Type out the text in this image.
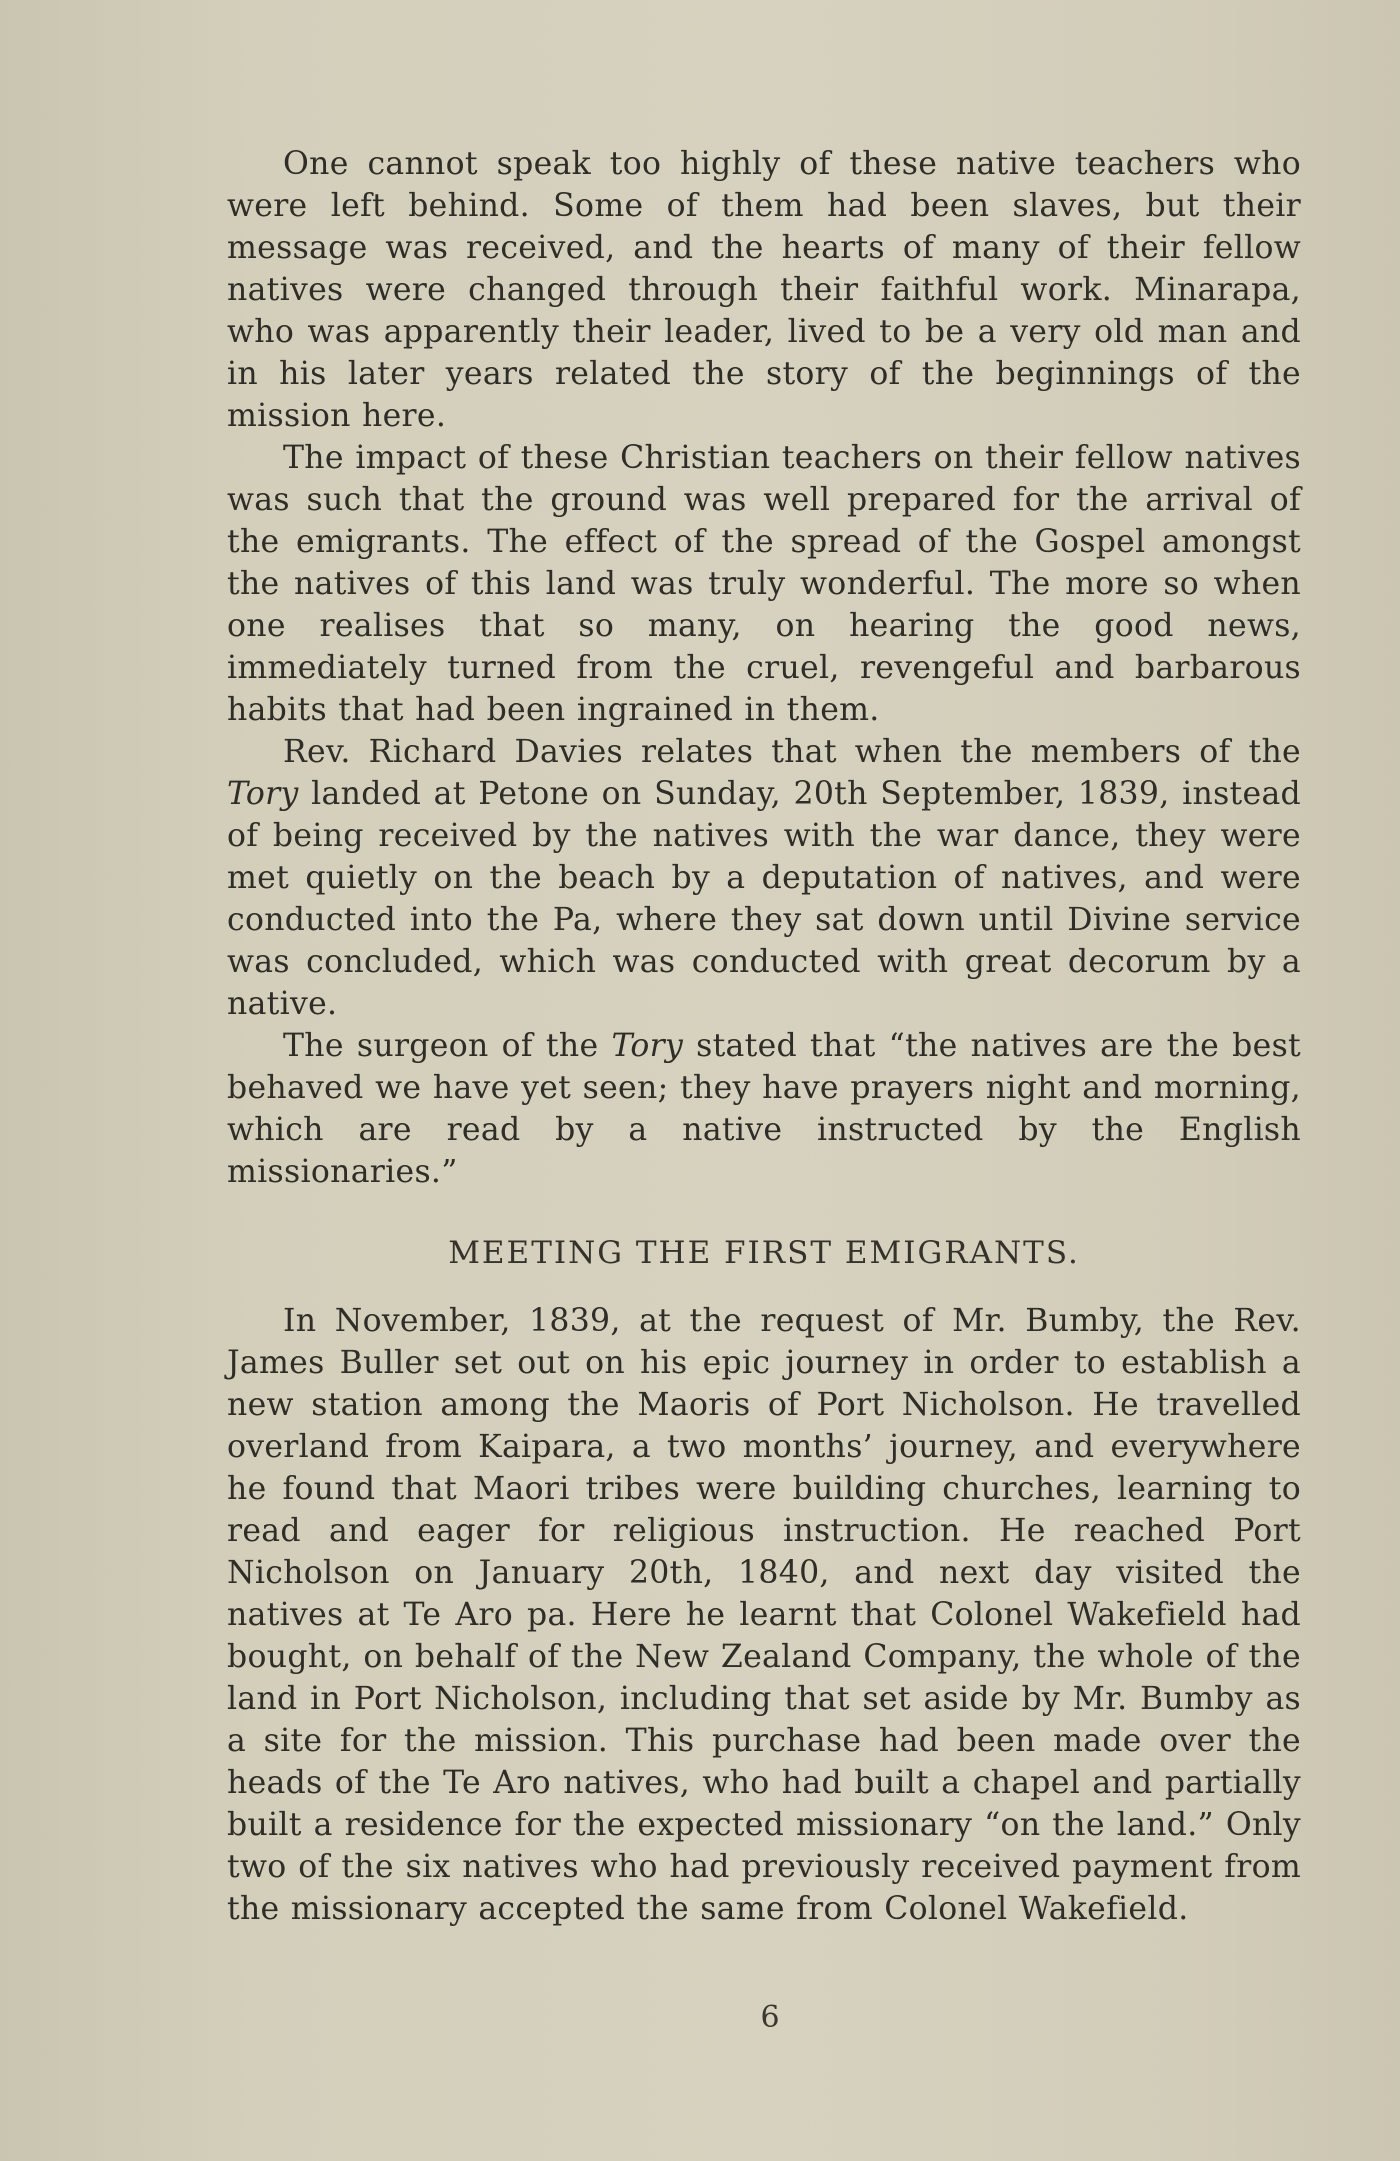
One cannot speak too highly of these native teachers who were left behind. Some of them had been slaves, but their message was received, and the hearts of many of their fellow natives were changed through their faithful work. Minarapa, who was apparently their leader, lived to be a very old man and in his later years related the story of the beginnings of the mission here.

The impact of these Christian teachers on their fellow natives was such that the ground was well prepared for the arrival of the emigrants. The effect of the spread of the Gospel amongst the natives of this land was truly wonderful. The more so when one realises that so many, on hearing the good news, immediately turned from the cruel, revengeful and barbarous habits that had been ingrained in them.

Rev. Richard Davies relates that when the members of the Tory landed at Petone on Sunday, 20th September, 1839, instead of being received by the natives with the war dance, they were met quietly on the beach by a deputation of natives, and were conducted into the Pa, where they sat down until Divine service was concluded, which was conducted with great decorum by a native.

The surgeon of the Tory stated that “the natives are the best behaved we have yet seen; they have prayers night and morning, which are read by a native instructed by the English missionaries.”

MEETING THE FIRST EMIGRANTS.

In November, 1839, at the request of Mr. Bumby, the Rev. James Buller set out on his epic journey in order to establish a new station among the Maoris of Port Nicholson. He travelled overland from Kaipara, a two months’ journey, and everywhere he found that Maori tribes were building churches, learning to read and eager for religious instruction. He reached Port Nicholson on January 20th, 1840, and next day visited the natives at Te Aro pa. Here he learnt that Colonel Wakefield had bought, on behalf of the New Zealand Company, the whole of the land in Port Nicholson, including that set aside by Mr. Bumby as a site for the mission. This purchase had been made over the heads of the Te Aro natives, who had built a chapel and partially built a residence for the expected missionary “on the land.” Only two of the six natives who had previously received payment from the missionary accepted the same from Colonel Wakefield.

6
